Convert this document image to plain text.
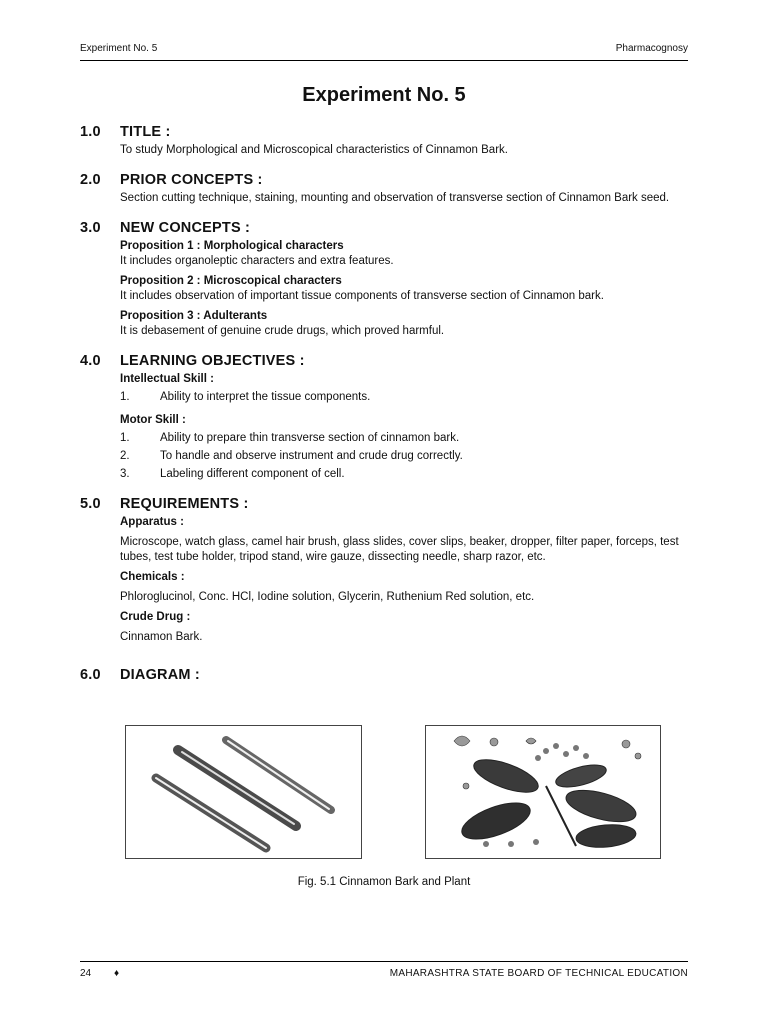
Experiment No. 5	Pharmacognosy
Experiment No. 5
1.0	TITLE :

To study Morphological and Microscopical characteristics of Cinnamon Bark.

2.0	PRIOR CONCEPTS :

Section cutting technique, staining, mounting and observation of transverse section of Cinnamon Bark seed.

3.0	NEW CONCEPTS :
Proposition 1 : Morphological characters

It includes organoleptic characters and extra features.

Proposition 2 : Microscopical characters

It includes observation of important tissue components of transverse section of Cinnamon bark.

Proposition 3 : Adulterants

It is debasement of genuine crude drugs, which proved harmful.

4.0	LEARNING OBJECTIVES :
Intellectual Skill :
1.	Ability to interpret the tissue components.
Motor Skill :
1.	Ability to prepare thin transverse section of cinnamon bark.
2.	To handle and observe instrument and crude drug correctly.
3.	Labeling different component of cell.
5.0	REQUIREMENTS :
Apparatus :

Microscope, watch glass, camel hair brush, glass slides, cover slips, beaker, dropper, filter paper, forceps, test tubes, test tube holder, tripod stand, wire gauze, dissecting needle, sharp razor, etc.

Chemicals :

Phloroglucinol, Conc. HCl, Iodine solution, Glycerin, Ruthenium Red solution, etc.

Crude Drug :

Cinnamon Bark.

6.0	DIAGRAM :
Fig. 5.1 Cinnamon Bark and Plant
24 ♦	MAHARASHTRA STATE BOARD OF TECHNICAL EDUCATION
